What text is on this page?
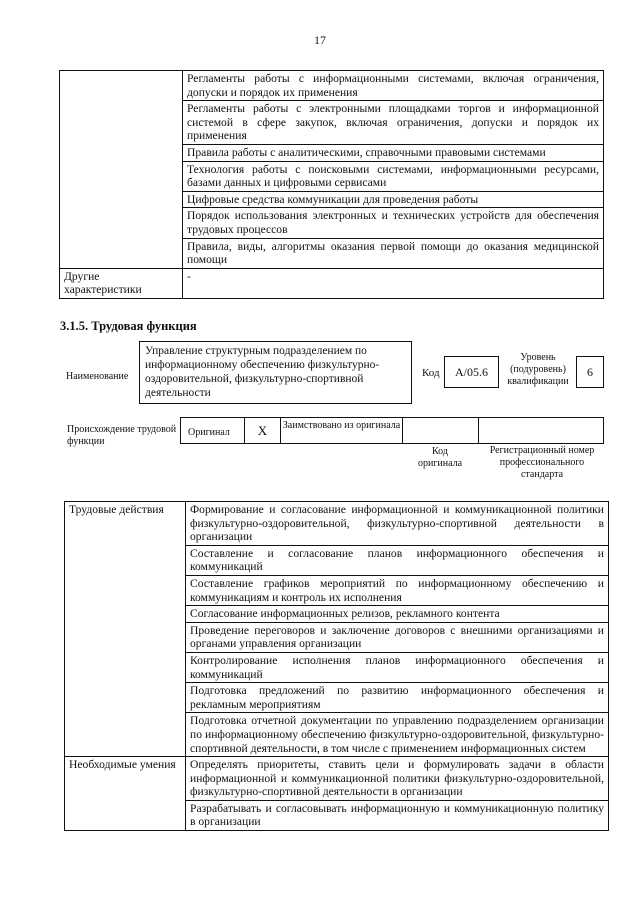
17
	Регламенты работы с информационными системами, включая ограничения, допуски и порядок их применения
	Регламенты работы с электронными площадками торгов и информационной системой в сфере закупок, включая ограничения, допуски и порядок их применения
	Правила работы с аналитическими, справочными правовыми системами
	Технология работы с поисковыми системами, информационными ресурсами, базами данных и цифровыми сервисами
	Цифровые средства коммуникации для проведения работы
	Порядок использования электронных и технических устройств для обеспечения трудовых процессов
	Правила, виды, алгоритмы оказания первой помощи до оказания медицинской помощи
Другие характеристики	-
3.1.5. Трудовая функция
Наименование
Управление структурным подразделением по информационному обеспечению физкультурно-оздоровительной, физкультурно-спортивной деятельности
Код	A/05.6
Уровень (подуровень) квалификации
6
Происхождение трудовой функции
Оригинал	X	Заимствовано из оригинала
Код оригинала
Регистрационный номер профессионального стандарта
Трудовые действия	Формирование и согласование информационной и коммуникационной политики физкультурно-оздоровительной, физкультурно-спортивной деятельности в организации
	Составление и согласование планов информационного обеспечения и коммуникаций
	Составление графиков мероприятий по информационному обеспечению и коммуникациям и контроль их исполнения
	Согласование информационных релизов, рекламного контента
	Проведение переговоров и заключение договоров с внешними организациями и органами управления организации
	Контролирование исполнения планов информационного обеспечения и коммуникаций
	Подготовка предложений по развитию информационного обеспечения и рекламным мероприятиям
	Подготовка отчетной документации по управлению подразделением организации по информационному обеспечению физкультурно-оздоровительной, физкультурно-спортивной деятельности, в том числе с применением информационных систем
Необходимые умения	Определять приоритеты, ставить цели и формулировать задачи в области информационной и коммуникационной политики физкультурно-оздоровительной, физкультурно-спортивной деятельности в организации
	Разрабатывать и согласовывать информационную и коммуникационную политику в организации
